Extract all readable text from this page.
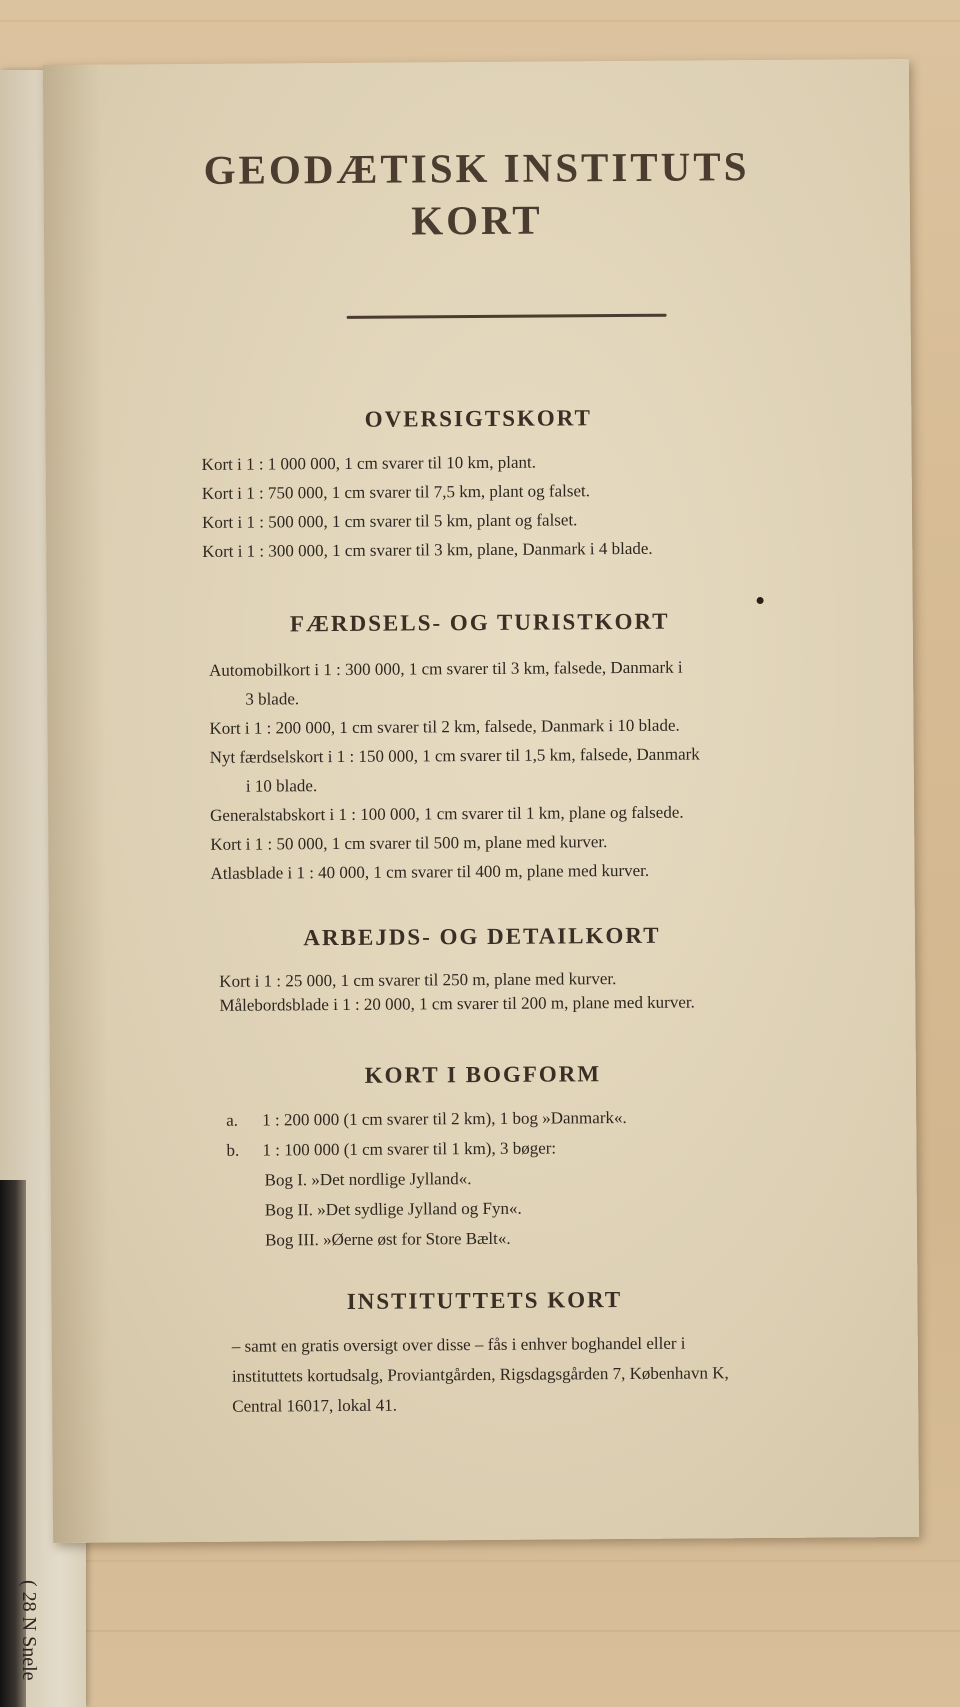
( 28 N Snele
GEODÆTISK INSTITUTS
KORT
OVERSIGTSKORT

Kort i 1 : 1 000 000, 1 cm svarer til 10 km, plant.

Kort i 1 : 750 000, 1 cm svarer til 7,5 km, plant og falset.

Kort i 1 : 500 000, 1 cm svarer til 5 km, plant og falset.

Kort i 1 : 300 000, 1 cm svarer til 3 km, plane, Danmark i 4 blade.

FÆRDSELS- OG TURISTKORT

Automobilkort i 1 : 300 000, 1 cm svarer til 3 km, falsede, Danmark i

3 blade.

Kort i 1 : 200 000, 1 cm svarer til 2 km, falsede, Danmark i 10 blade.

Nyt færdselskort i 1 : 150 000, 1 cm svarer til 1,5 km, falsede, Danmark

i 10 blade.

Generalstabskort i 1 : 100 000, 1 cm svarer til 1 km, plane og falsede.

Kort i 1 : 50 000, 1 cm svarer til 500 m, plane med kurver.

Atlasblade i 1 : 40 000, 1 cm svarer til 400 m, plane med kurver.

ARBEJDS- OG DETAILKORT

Kort i 1 : 25 000, 1 cm svarer til 250 m, plane med kurver.

Målebordsblade i 1 : 20 000, 1 cm svarer til 200 m, plane med kurver.

KORT I BOGFORM
a.	1 : 200 000 (1 cm svarer til 2 km), 1 bog »Danmark«.
b.	1 : 100 000 (1 cm svarer til 1 km), 3 bøger:
Bog I. »Det nordlige Jylland«.
Bog II. »Det sydlige Jylland og Fyn«.
Bog III. »Øerne øst for Store Bælt«.
INSTITUTTETS KORT

– samt en gratis oversigt over disse – fås i enhver boghandel eller i

instituttets kortudsalg, Proviantgården, Rigsdagsgården 7, København K,

Central 16017, lokal 41.
